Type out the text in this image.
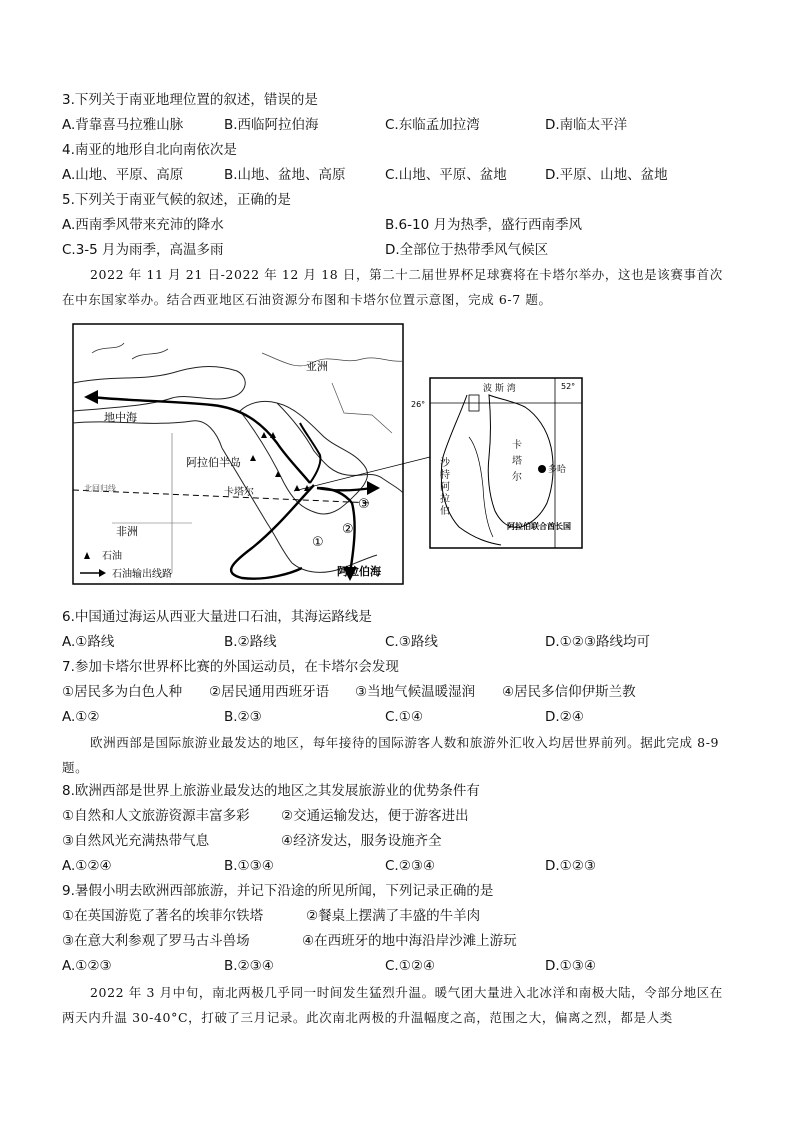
3.下列关于南亚地理位置的叙述，错误的是
A.背靠喜马拉雅山脉	B.西临阿拉伯海	C.东临孟加拉湾	D.南临太平洋
4.南亚的地形自北向南依次是
A.山地、平原、高原	B.山地、盆地、高原	C.山地、平原、盆地	D.平原、山地、盆地
5.下列关于南亚气候的叙述，正确的是
A.西南季风带来充沛的降水	B.6-10 月为热季，盛行西南季风
C.3-5 月为雨季，高温多雨	D.全部位于热带季风气候区
2022 年 11 月 21 日-2022 年 12 月 18 日，第二十二届世界杯足球赛将在卡塔尔举办，这也是该赛事首次在中东国家举办。结合西亚地区石油资源分布图和卡塔尔位置示意图，完成 6-7 题。
亚洲
地中海
阿拉伯半岛
卡塔尔
北回归线
非洲
阿拉伯海
①
②
③
石油
石油输出线路
波 斯 湾	52°
26°
多哈
阿拉伯联合酋长国
沙特阿拉伯
卡塔尔
6.中国通过海运从西亚大量进口石油，其海运路线是
A.①路线	B.②路线	C.③路线	D.①②③路线均可
7.参加卡塔尔世界杯比赛的外国运动员，在卡塔尔会发现
①居民多为白色人种 ②居民通用西班牙语 ③当地气候温暖湿润 ④居民多信仰伊斯兰教
A.①②	B.②③	C.①④	D.②④
欧洲西部是国际旅游业最发达的地区，每年接待的国际游客人数和旅游外汇收入均居世界前列。据此完成 8-9 题。
8.欧洲西部是世界上旅游业最发达的地区之其发展旅游业的优势条件有
①自然和人文旅游资源丰富多彩 ②交通运输发达，便于游客进出
③自然风光充满热带气息	④经济发达，服务设施齐全
A.①②④	B.①③④	C.②③④	D.①②③
9.暑假小明去欧洲西部旅游，并记下沿途的所见所闻，下列记录正确的是
①在英国游览了著名的埃菲尔铁塔	②餐桌上摆满了丰盛的牛羊肉
③在意大利参观了罗马古斗兽场	④在西班牙的地中海沿岸沙滩上游玩
A.①②③	B.②③④	C.①②④	D.①③④
2022 年 3 月中旬，南北两极几乎同一时间发生猛烈升温。暖气团大量进入北冰洋和南极大陆，令部分地区在两天内升温 30-40°C，打破了三月记录。此次南北两极的升温幅度之高，范围之大，偏离之烈，都是人类
